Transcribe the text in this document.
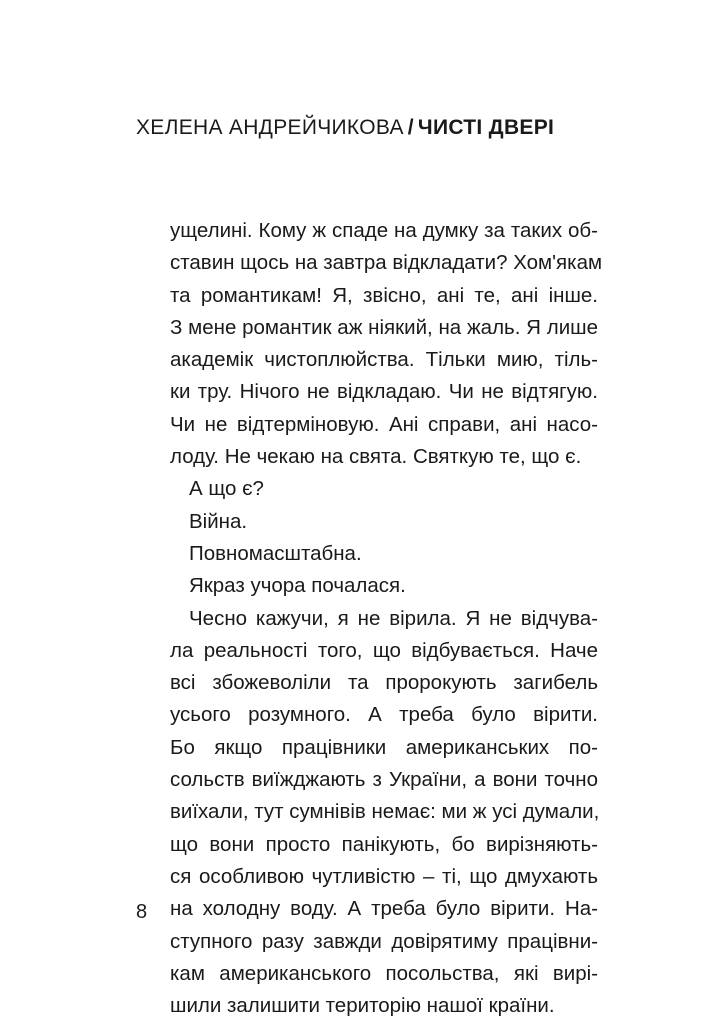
ХЕЛЕНА АНДРЕЙЧИКОВА / ЧИСТІ ДВЕРІ
ущелині. Кому ж спаде на думку за таких об-
ставин щось на завтра відкладати? Хом'якам
та романтикам! Я, звісно, ані те, ані інше.
З мене романтик аж ніякий, на жаль. Я лише
академік чистоплюйства. Тільки мию, тіль-
ки тру. Нічого не відкладаю. Чи не відтягую.
Чи не відтерміновую. Ані справи, ані насо-
лоду. Не чекаю на свята. Святкую те, що є.
А що є?
Війна.
Повномасштабна.
Якраз учора почалася.
Чесно кажучи, я не вірила. Я не відчува-
ла реальності того, що відбувається. Наче
всі збожеволіли та пророкують загибель
усього розумного. А треба було вірити.
Бо якщо працівники американських по-
сольств виїжджають з України, а вони точно
виїхали, тут сумнівів немає: ми ж усі думали,
що вони просто панікують, бо вирізняють-
ся особливою чутливістю – ті, що дмухають
на холодну воду. А треба було вірити. На-
ступного разу завжди довірятиму працівни-
кам американського посольства, які вирі-
шили залишити територію нашої країни.
8
